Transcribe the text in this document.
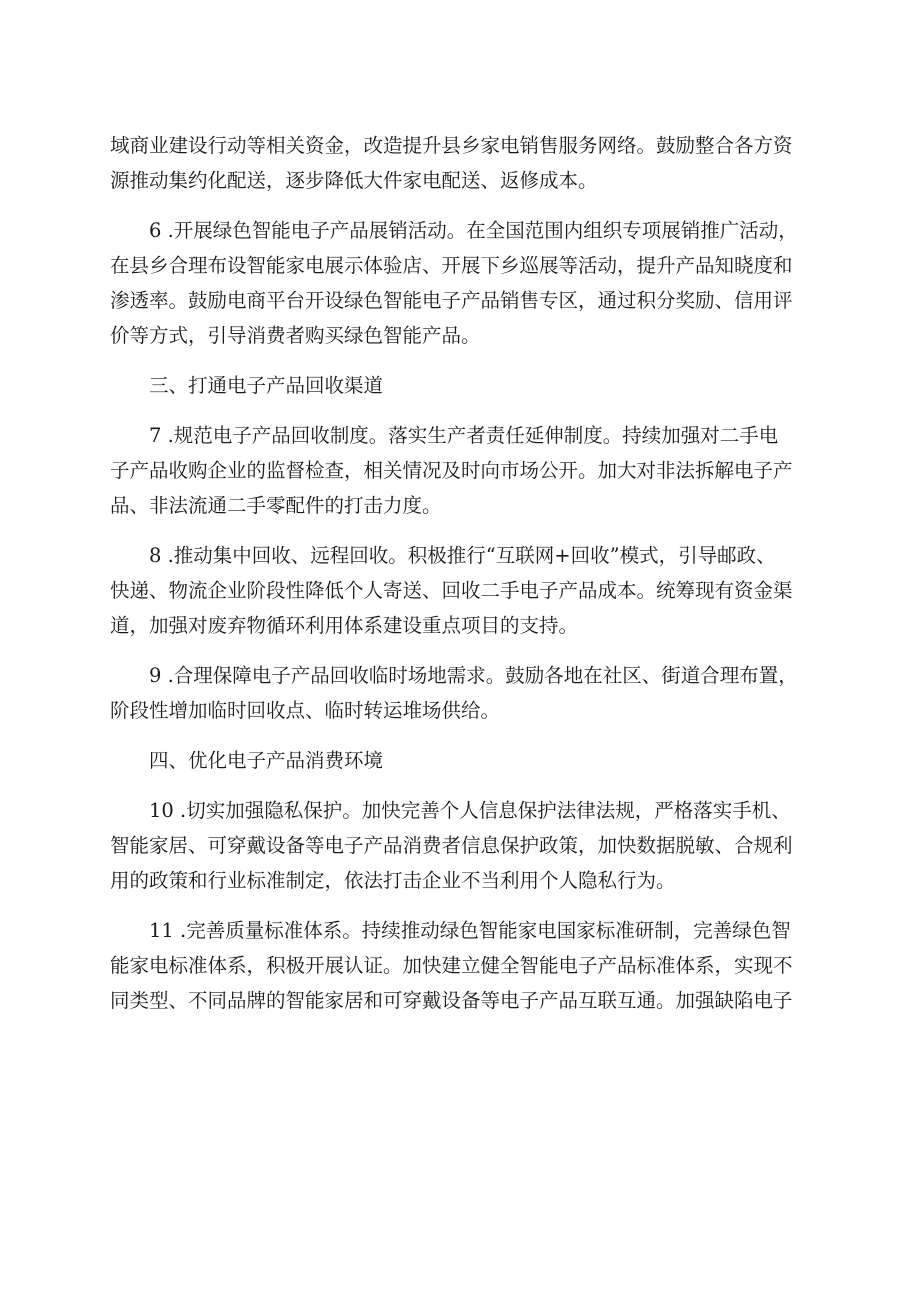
域商业建设行动等相关资金，改造提升县乡家电销售服务网络。鼓励整合各方资
源推动集约化配送，逐步降低大件家电配送、返修成本。

6 .开展绿色智能电子产品展销活动。在全国范围内组织专项展销推广活动，
在县乡合理布设智能家电展示体验店、开展下乡巡展等活动，提升产品知晓度和
渗透率。鼓励电商平台开设绿色智能电子产品销售专区，通过积分奖励、信用评
价等方式，引导消费者购买绿色智能产品。

三、打通电子产品回收渠道

7 .规范电子产品回收制度。落实生产者责任延伸制度。持续加强对二手电
子产品收购企业的监督检查，相关情况及时向市场公开。加大对非法拆解电子产
品、非法流通二手零配件的打击力度。

8 .推动集中回收、远程回收。积极推行“互联网+回收”模式，引导邮政、
快递、物流企业阶段性降低个人寄送、回收二手电子产品成本。统筹现有资金渠
道，加强对废弃物循环利用体系建设重点项目的支持。

9 .合理保障电子产品回收临时场地需求。鼓励各地在社区、街道合理布置，
阶段性增加临时回收点、临时转运堆场供给。

四、优化电子产品消费环境

10 .切实加强隐私保护。加快完善个人信息保护法律法规，严格落实手机、
智能家居、可穿戴设备等电子产品消费者信息保护政策，加快数据脱敏、合规利
用的政策和行业标准制定，依法打击企业不当利用个人隐私行为。

11 .完善质量标准体系。持续推动绿色智能家电国家标准研制，完善绿色智
能家电标准体系，积极开展认证。加快建立健全智能电子产品标准体系，实现不
同类型、不同品牌的智能家居和可穿戴设备等电子产品互联互通。加强缺陷电子
